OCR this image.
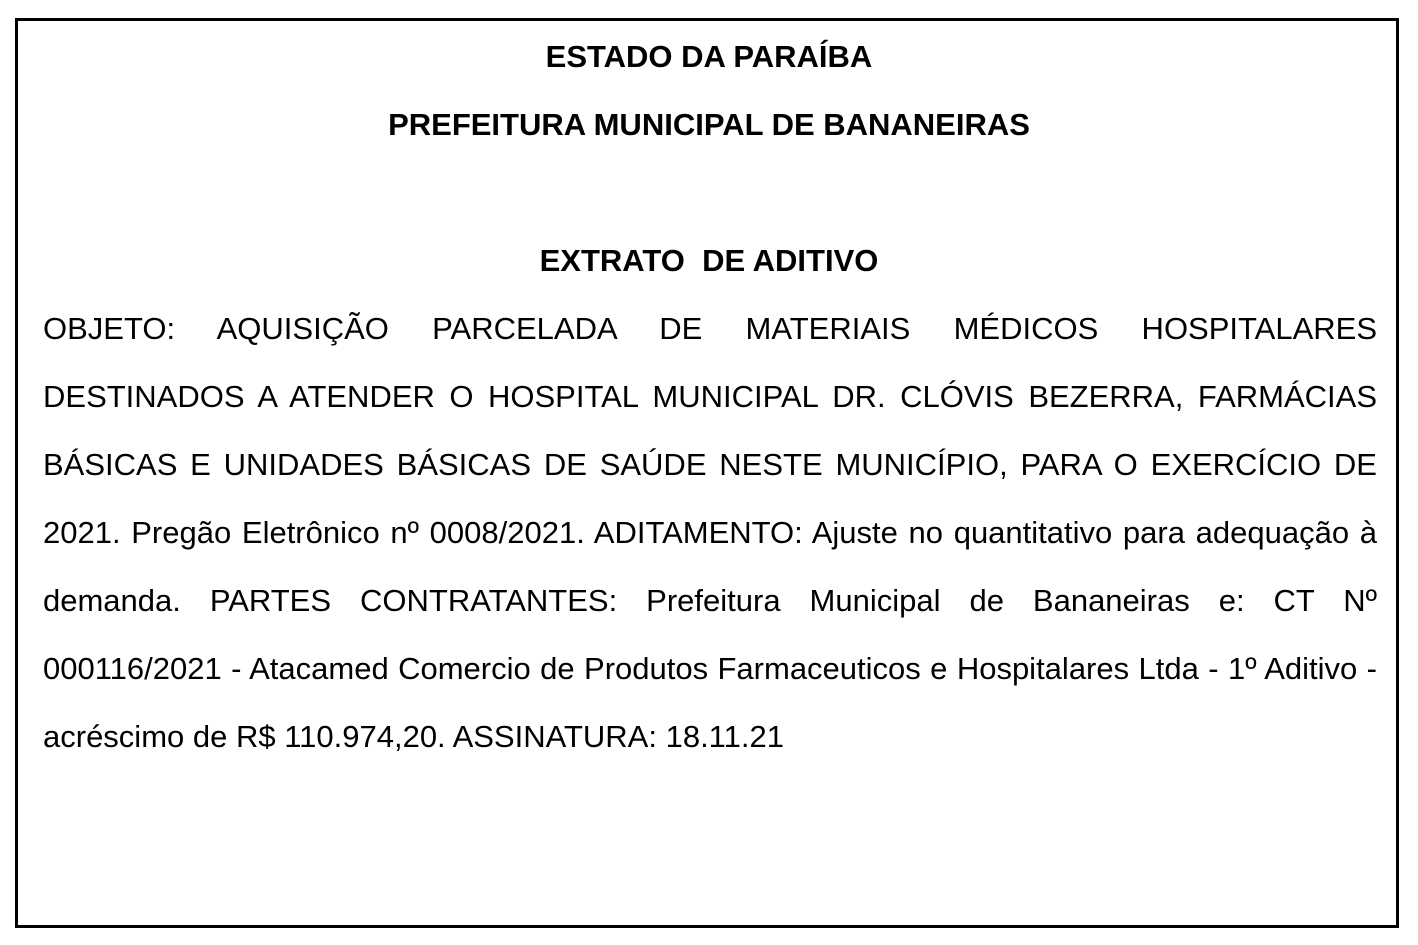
ESTADO DA PARAÍBA
PREFEITURA MUNICIPAL DE BANANEIRAS
EXTRATO  DE ADITIVO

OBJETO: AQUISIÇÃO PARCELADA DE MATERIAIS MÉDICOS HOSPITALARES DESTINADOS A ATENDER O HOSPITAL MUNICIPAL DR. CLÓVIS BEZERRA, FARMÁCIAS BÁSICAS E UNIDADES BÁSICAS DE SAÚDE NESTE MUNICÍPIO, PARA O EXERCÍCIO DE 2021. Pregão Eletrônico nº 0008/2021. ADITAMENTO: Ajuste no quantitativo para adequação à demanda. PARTES CONTRATANTES: Prefeitura Municipal de Bananeiras e: CT Nº 000116/2021 - Atacamed Comercio de Produtos Farmaceuticos e Hospitalares Ltda - 1º Aditivo - acréscimo de R$ 110.974,20. ASSINATURA: 18.11.21
